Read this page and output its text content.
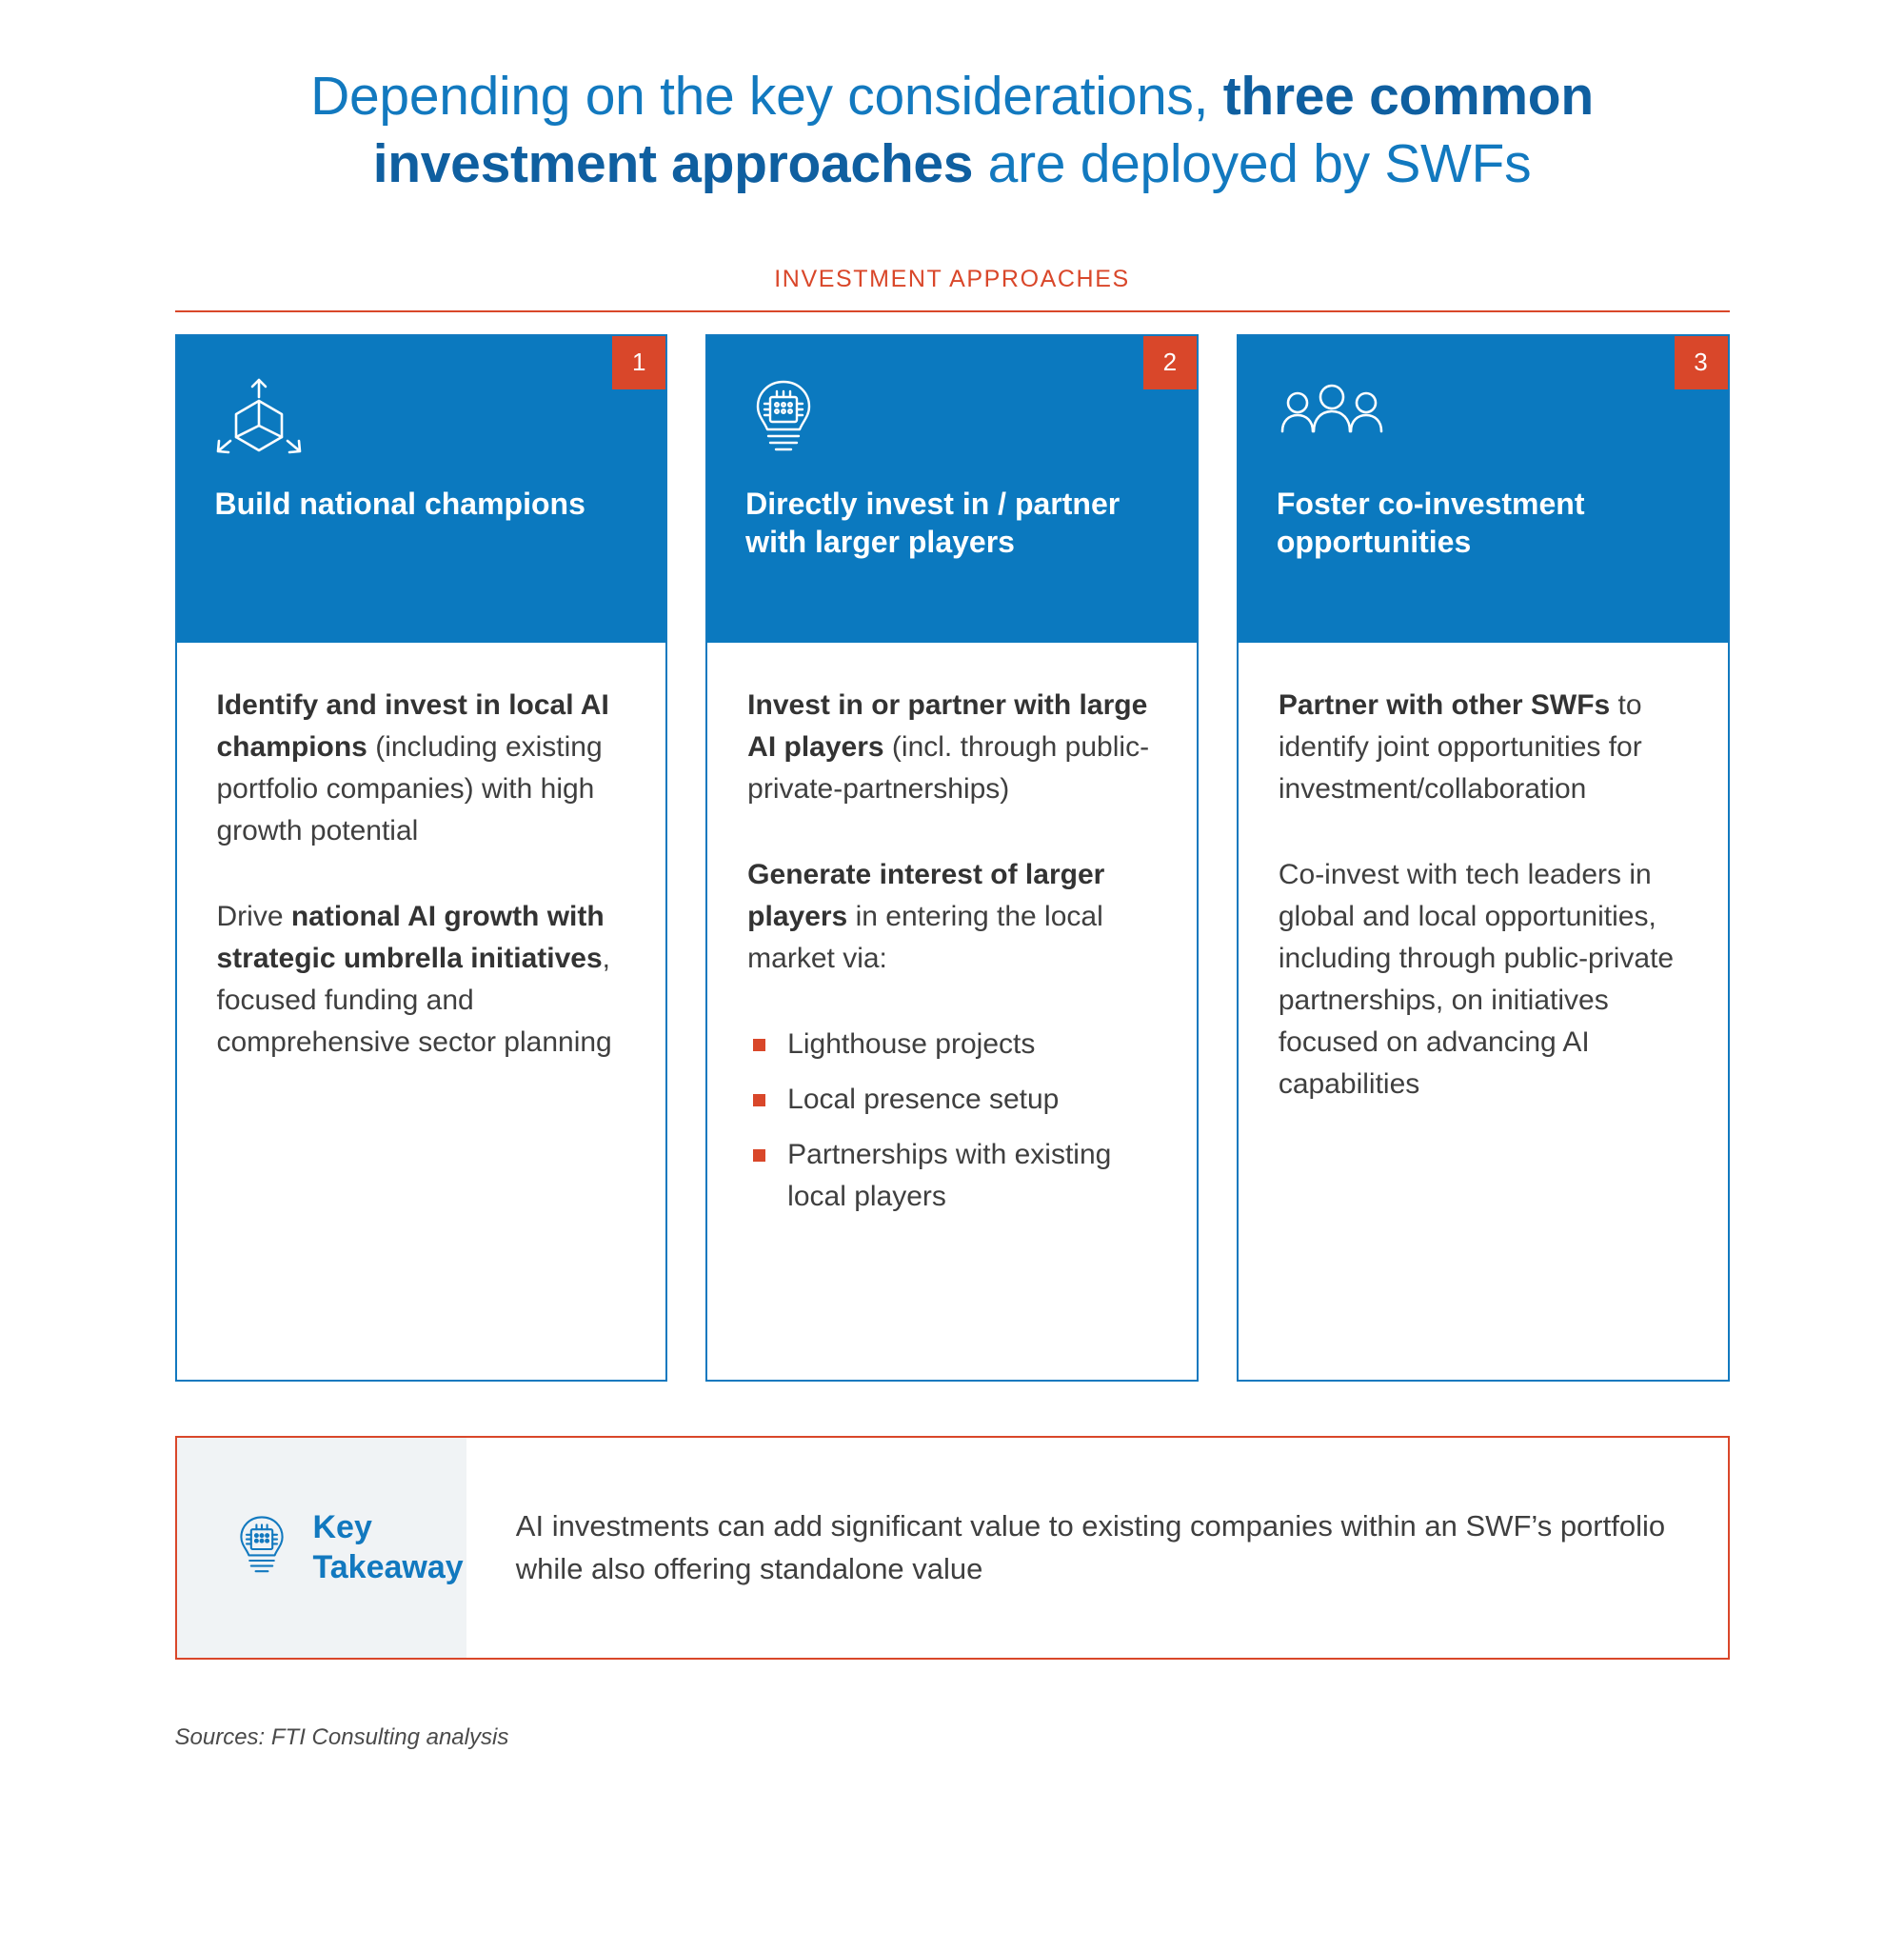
Depending on the key considerations, three common
investment approaches are deployed by SWFs
INVESTMENT APPROACHES
1
Build national champions

Identify and invest in local AI champions (including existing portfolio companies) with high growth potential

Drive national AI growth with strategic umbrella initiatives, focused funding and comprehensive sector planning

2
Directly invest in / partner with larger players

Invest in or partner with large AI players (incl. through public-private-partnerships)

Generate interest of larger players in entering the local market via:

Lighthouse projects
Local presence setup
Partnerships with existing local players
3
Foster co-investment opportunities

Partner with other SWFs to identify joint opportunities for investment/collaboration

Co-invest with tech leaders in global and local opportunities, including through public-private partnerships, on initiatives focused on advancing AI capabilities

Key
Takeaway
AI investments can add significant value to existing companies within an SWF’s portfolio while also offering standalone value
Sources: FTI Consulting analysis
